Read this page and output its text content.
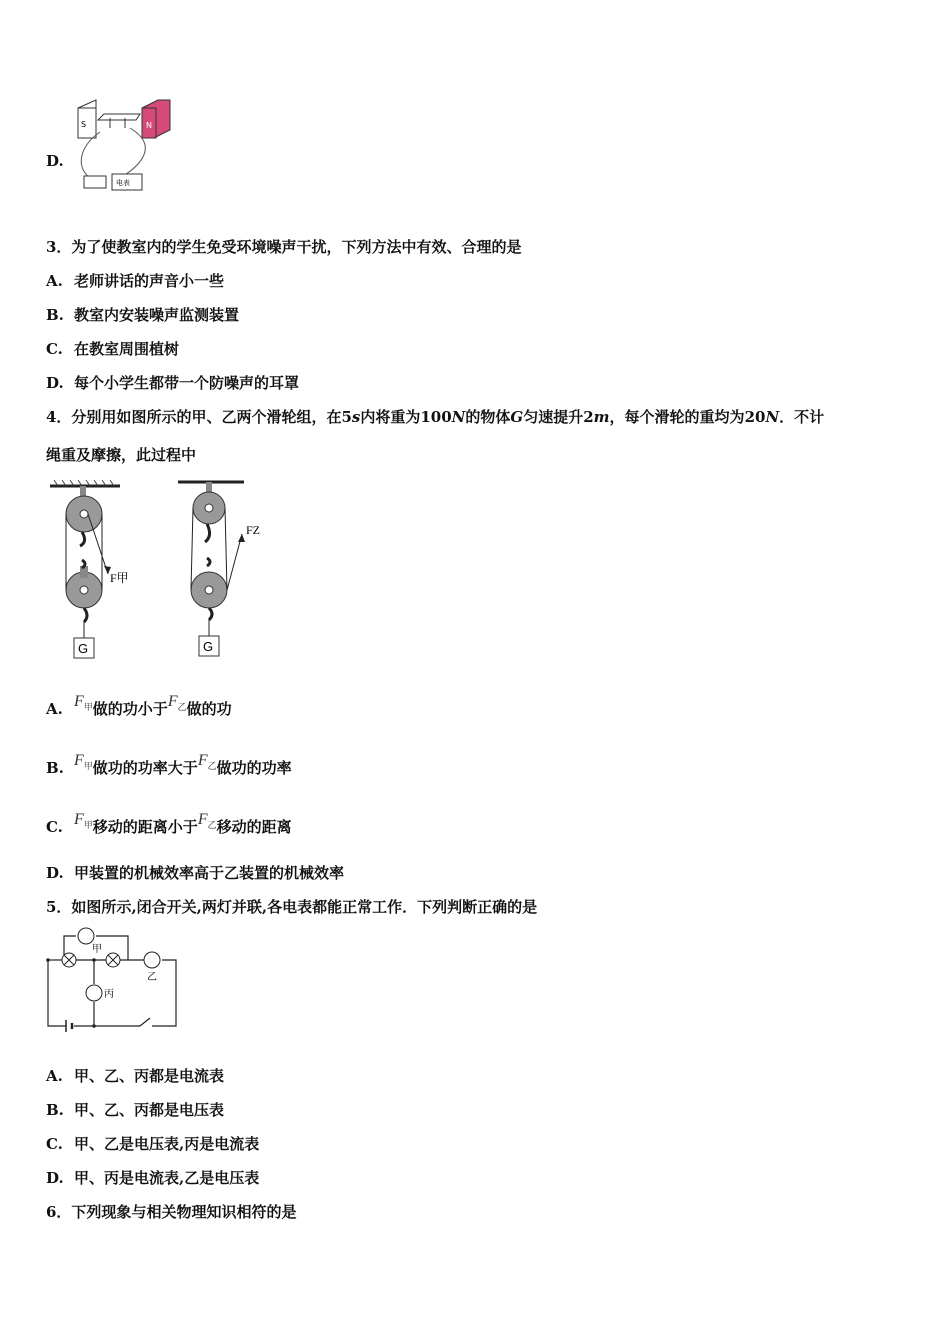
D.
S	N
电表
3．为了使教室内的学生免受环境噪声干扰，下列方法中有效、合理的是
A. 老师讲话的声音小一些
B. 教室内安装噪声监测装置
C. 在教室周围植树
D. 每个小学生都带一个防噪声的耳罩
4．分别用如图所示的甲、乙两个滑轮组，在5s内将重为100N的物体G匀速提升2m，每个滑轮的重均为20N．不计
绳重及摩擦，此过程中
F甲
G
FZ
G
A. $F_甲$做的功小于$F_乙$做的功
B. $F_甲$做功的功率大于$F_乙$做功的功率
C. $F_甲$移动的距离小于$F_乙$移动的距离
D. 甲装置的机械效率高于乙装置的机械效率
5．如图所示,闭合开关,两灯并联,各电表都能正常工作．下列判断正确的是
甲
乙
丙
A. 甲、乙、丙都是电流表
B. 甲、乙、丙都是电压表
C. 甲、乙是电压表,丙是电流表
D. 甲、丙是电流表,乙是电压表
6．下列现象与相关物理知识相符的是
